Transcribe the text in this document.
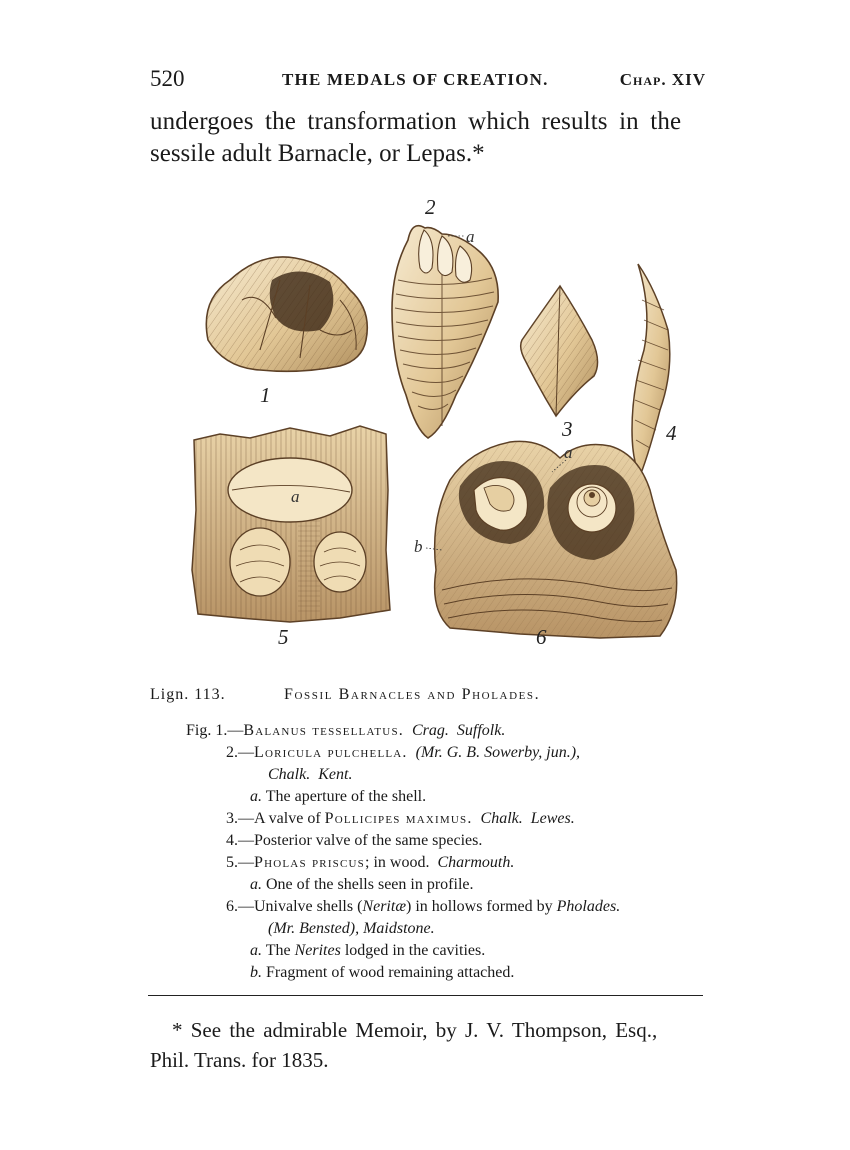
520	THE MEDALS OF CREATION.	Chap. XIV
undergoes the transformation which results in the
sessile adult Barnacle, or Lepas.*
1
2
a
3	4
a
5
a
b
6
Lign. 113.	Fossil Barnacles and Pholades.
Fig. 1.—Balanus tessellatus. Crag. Suffolk.
2.—Loricula pulchella. (Mr. G. B. Sowerby, jun.),
Chalk. Kent.
a. The aperture of the shell.
3.—A valve of Pollicipes maximus. Chalk. Lewes.
4.—Posterior valve of the same species.
5.—Pholas priscus; in wood. Charmouth.
a. One of the shells seen in profile.
6.—Univalve shells (Neritæ) in hollows formed by Pholades.
(Mr. Bensted), Maidstone.
a. The Nerites lodged in the cavities.
b. Fragment of wood remaining attached.
* See the admirable Memoir, by J. V. Thompson, Esq.,
Phil. Trans. for 1835.
